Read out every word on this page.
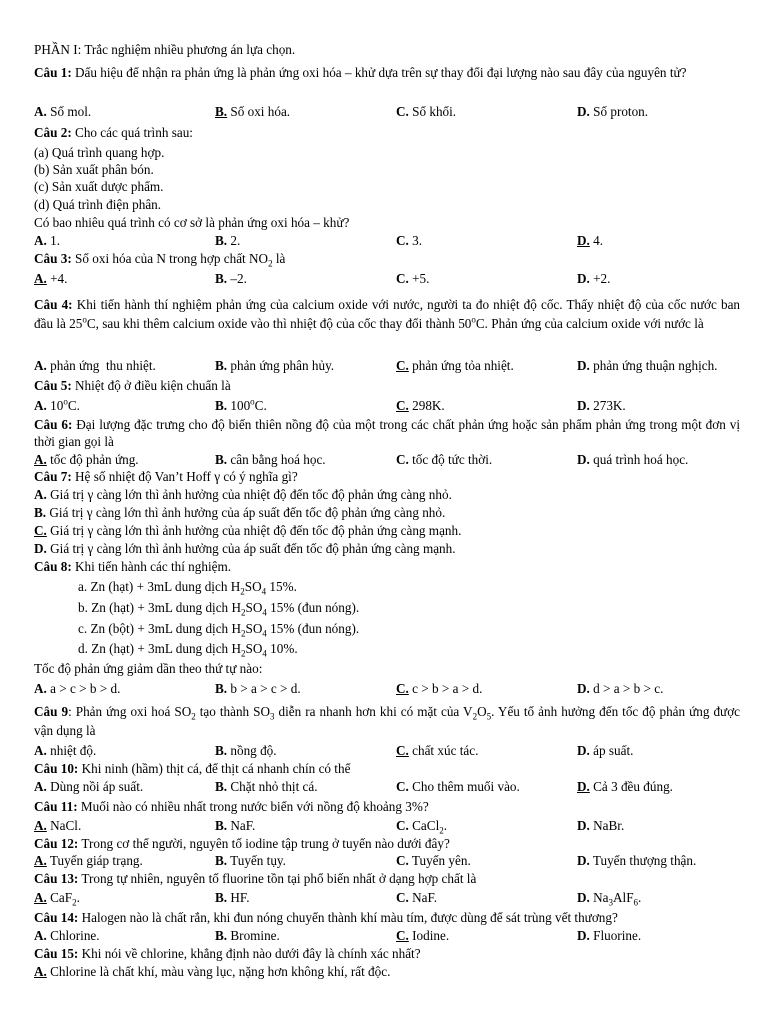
PHẦN I: Trắc nghiệm nhiều phương án lựa chọn.
Câu 1: Dấu hiệu để nhận ra phản ứng là phản ứng oxi hóa – khử dựa trên sự thay đổi đại lượng nào sau đây của nguyên tử?
A. Số mol.	B. Số oxi hóa.	C. Số khối.	D. Số proton.
Câu 2: Cho các quá trình sau:
(a) Quá trình quang hợp.
(b) Sản xuất phân bón.
(c) Sản xuất dược phẩm.
(d) Quá trình điện phân.
Có bao nhiêu quá trình có cơ sở là phản ứng oxi hóa – khử?
A. 1.	B. 2.	C. 3.	D. 4.
Câu 3: Số oxi hóa của N trong hợp chất $NO_2$ là
A. +4.	B. –2.	C. +5.	D. +2.
Câu 4: Khi tiến hành thí nghiệm phản ứng của calcium oxide với nước, người ta đo nhiệt độ cốc. Thấy nhiệt độ của cốc nước ban đầu là 25$^o$C, sau khi thêm calcium oxide vào thì nhiệt độ của cốc thay đổi thành 50$^o$C. Phản ứng của calcium oxide với nước là
A. phản ứng  thu nhiệt.	B. phản ứng phân hủy.	C. phản ứng tỏa nhiệt.	D. phản ứng thuận nghịch.
Câu 5: Nhiệt độ ở điều kiện chuẩn là
A. 10$^o$C.	B. 100$^o$C.	C. 298K.	D. 273K.
Câu 6: Đại lượng đặc trưng cho độ biến thiên nồng độ của một trong các chất phản ứng hoặc sản phẩm phản ứng trong một đơn vị thời gian gọi là
A. tốc độ phản ứng.	B. cân bằng hoá học.	C. tốc độ tức thời.	D. quá trình hoá học.
Câu 7: Hệ số nhiệt độ Van’t Hoff γ có ý nghĩa gì?
A. Giá trị γ càng lớn thì ảnh hưởng của nhiệt độ đến tốc độ phản ứng càng nhỏ.
B. Giá trị γ càng lớn thì ảnh hưởng của áp suất đến tốc độ phản ứng càng nhỏ.
C. Giá trị γ càng lớn thì ảnh hưởng của nhiệt độ đến tốc độ phản ứng càng mạnh.
D. Giá trị γ càng lớn thì ảnh hưởng của áp suất đến tốc độ phản ứng càng mạnh.
Câu 8: Khi tiến hành các thí nghiệm.
a. Zn (hạt) + 3mL dung dịch $H_2SO_4$ 15%.
b. Zn (hạt) + 3mL dung dịch $H_2SO_4$ 15% (đun nóng).
c. Zn (bột) + 3mL dung dịch $H_2SO_4$ 15% (đun nóng).
d. Zn (hạt) + 3mL dung dịch $H_2SO_4$ 10%.
Tốc độ phản ứng giảm dần theo thứ tự nào:
A. a > c > b > d.	B. b > a > c > d.	C. c > b > a > d.	D. d > a > b > c.
Câu 9: Phản ứng oxi hoá $SO_2$ tạo thành $SO_3$ diễn ra nhanh hơn khi có mặt của $V_2O_5$. Yếu tố ảnh hưởng đến tốc độ phản ứng được vận dụng là
A. nhiệt độ.	B. nồng độ.	C. chất xúc tác.	D. áp suất.
Câu 10: Khi ninh (hầm) thịt cá, để thịt cá nhanh chín có thể
A. Dùng nồi áp suất.	B. Chặt nhỏ thịt cá.	C. Cho thêm muối vào.	D. Cả 3 đều đúng.
Câu 11: Muối nào có nhiều nhất trong nước biển với nồng độ khoảng 3%?
A. NaCl.	B. NaF.	C. CaCl$_2$.	D. NaBr.
Câu 12: Trong cơ thể người, nguyên tố iodine tập trung ở tuyến nào dưới đây?
A. Tuyến giáp trạng.	B. Tuyến tụy.	C. Tuyến yên.	D. Tuyến thượng thận.
Câu 13: Trong tự nhiên, nguyên tố fluorine tồn tại phổ biến nhất ở dạng hợp chất là
A. CaF$_2$.	B. HF.	C. NaF.	D. $Na_3AlF_6$.
Câu 14: Halogen nào là chất rắn, khi đun nóng chuyển thành khí màu tím, được dùng để sát trùng vết thương?
A. Chlorine.	B. Bromine.	C. Iodine.	D. Fluorine.
Câu 15: Khi nói về chlorine, khẳng định nào dưới đây là chính xác nhất?
A. Chlorine là chất khí, màu vàng lục, nặng hơn không khí, rất độc.
